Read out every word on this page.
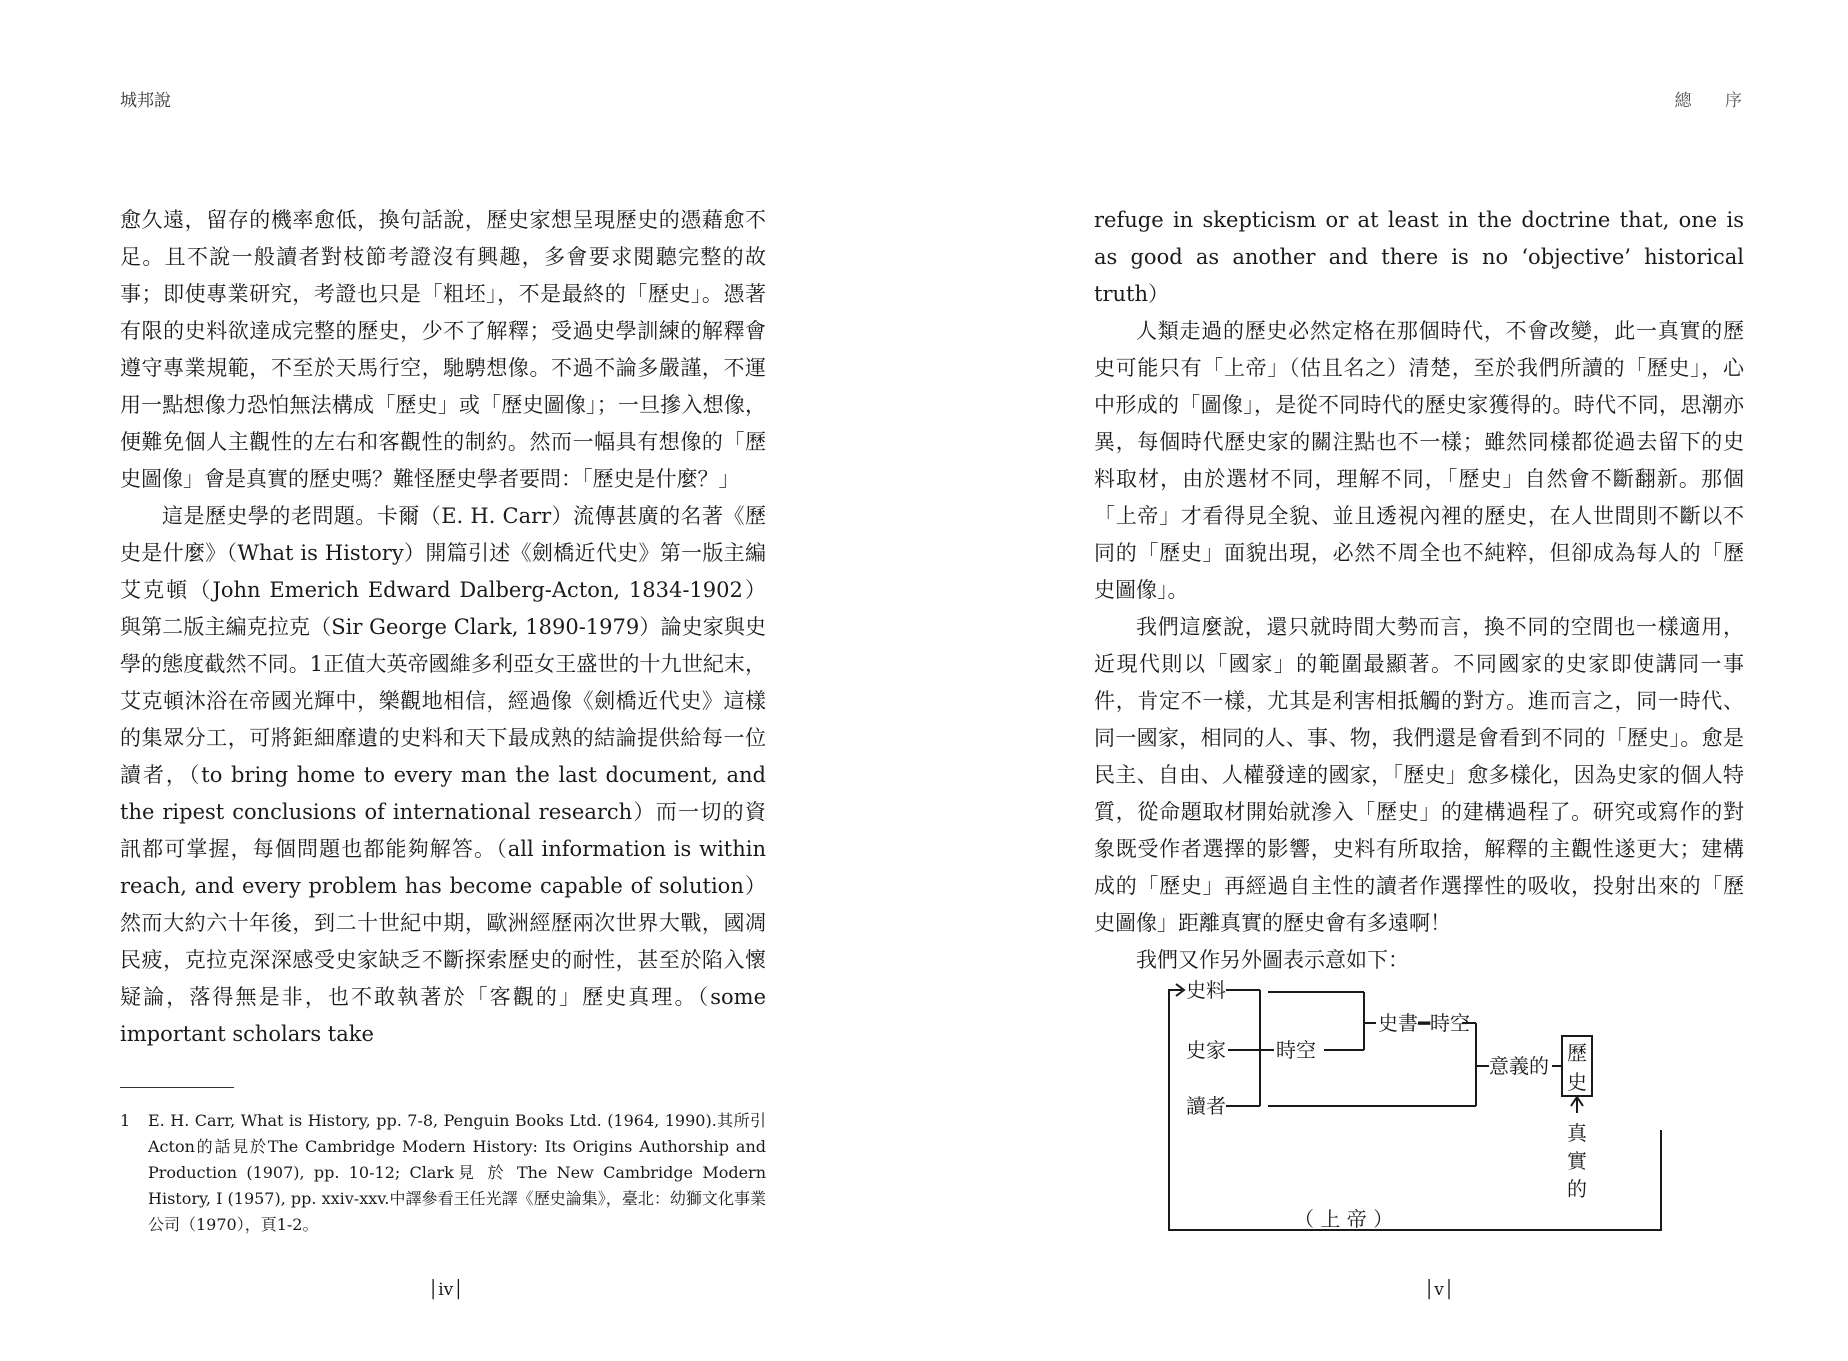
城邦說

愈久遠，留存的機率愈低，換句話說，歷史家想呈現歷史的憑藉愈不足。且不說一般讀者對枝節考證沒有興趣，多會要求閱聽完整的故事；即使專業研究，考證也只是「粗坯」，不是最終的「歷史」。憑著有限的史料欲達成完整的歷史，少不了解釋；受過史學訓練的解釋會遵守專業規範，不至於天馬行空，馳騁想像。不過不論多嚴謹，不運用一點想像力恐怕無法構成「歷史」或「歷史圖像」；一旦摻入想像，便難免個人主觀性的左右和客觀性的制約。然而一幅具有想像的「歷史圖像」會是真實的歷史嗎？難怪歷史學者要問：「歷史是什麼？」

這是歷史學的老問題。卡爾（E. H. Carr）流傳甚廣的名著《歷史是什麼》（What is History）開篇引述《劍橋近代史》第一版主編艾克頓（John Emerich Edward Dalberg-Acton, 1834-1902）與第二版主編克拉克（Sir George Clark, 1890-1979）論史家與史學的態度截然不同。1正值大英帝國維多利亞女王盛世的十九世紀末，艾克頓沐浴在帝國光輝中，樂觀地相信，經過像《劍橋近代史》這樣的集眾分工，可將鉅細靡遺的史料和天下最成熟的結論提供給每一位讀者，（to bring home to every man the last document, and the ripest conclusions of international research）而一切的資訊都可掌握，每個問題也都能夠解答。（all information is within reach, and every problem has become capable of solution）然而大約六十年後，到二十世紀中期，歐洲經歷兩次世界大戰，國凋民疲，克拉克深深感受史家缺乏不斷探索歷史的耐性，甚至於陷入懷疑論，落得無是非，也不敢執著於「客觀的」歷史真理。（some important scholars take

1 E. H. Carr, What is History, pp. 7-8, Penguin Books Ltd. (1964, 1990).其所引Acton的話見於The Cambridge Modern History: Its Origins Authorship and Production (1907), pp. 10-12; Clark見 於 The New Cambridge Modern History, I (1957), pp. xxiv-xxv.中譯參看王任光譯《歷史論集》，臺北：幼獅文化事業公司（1970），頁1-2。
│iv│
總 序

refuge in skepticism or at least in the doctrine that, one is as good as another and there is no ‘objective’ historical truth）

人類走過的歷史必然定格在那個時代，不會改變，此一真實的歷史可能只有「上帝」（估且名之）清楚，至於我們所讀的「歷史」，心中形成的「圖像」，是從不同時代的歷史家獲得的。時代不同，思潮亦異，每個時代歷史家的關注點也不一樣；雖然同樣都從過去留下的史料取材，由於選材不同，理解不同，「歷史」自然會不斷翻新。那個「上帝」才看得見全貌、並且透視內裡的歷史，在人世間則不斷以不同的「歷史」面貌出現，必然不周全也不純粹，但卻成為每人的「歷史圖像」。

我們這麼說，還只就時間大勢而言，換不同的空間也一樣適用，近現代則以「國家」的範圍最顯著。不同國家的史家即使講同一事件，肯定不一樣，尤其是利害相抵觸的對方。進而言之，同一時代、同一國家，相同的人、事、物，我們還是會看到不同的「歷史」。愈是民主、自由、人權發達的國家，「歷史」愈多樣化，因為史家的個人特質，從命題取材開始就滲入「歷史」的建構過程了。研究或寫作的對象既受作者選擇的影響，史料有所取捨，解釋的主觀性遂更大；建構成的「歷史」再經過自主性的讀者作選擇性的吸收，投射出來的「歷史圖像」距離真實的歷史會有多遠啊！

我們又作另外圖表示意如下：

史料
史家
讀者
時空
史書━時空
意義的
歷
史
真
實
的
（ 上 帝 ）
│v│
